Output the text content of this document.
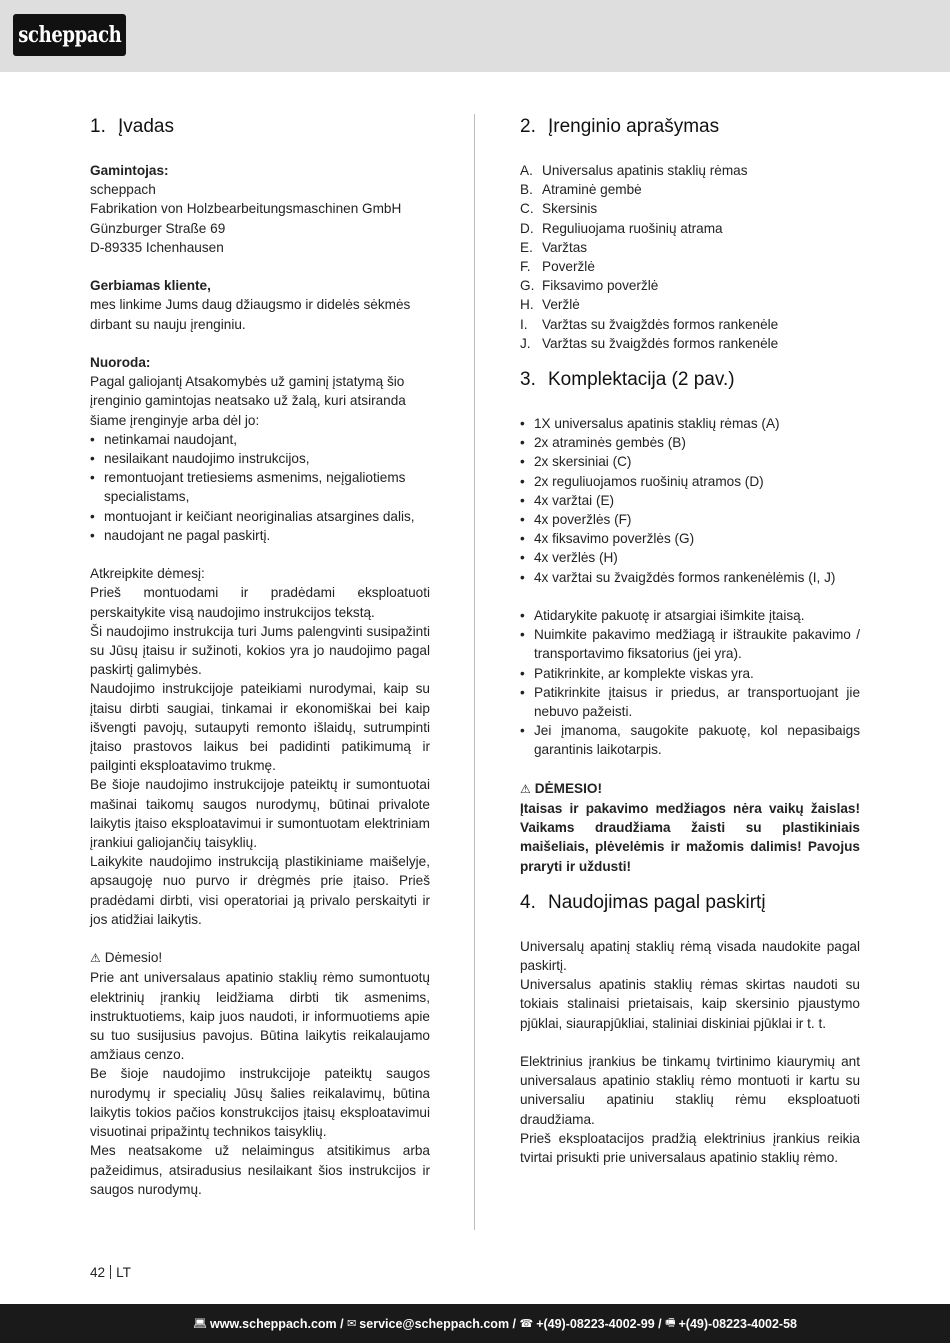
scheppach
1. Įvadas

Gamintojas:

scheppach

Fabrikation von Holzbearbeitungsmaschinen GmbH

Günzburger Straße 69

D-89335 Ichenhausen

Gerbiamas kliente,

mes linkime Jums daug džiaugsmo ir didelės sėkmės dirbant su nauju įrenginiu.

Nuoroda:

Pagal galiojantį Atsakomybės už gaminį įstatymą šio įrenginio gamintojas neatsako už žalą, kuri atsiranda šiame įrenginyje arba dėl jo:

• netinkamai naudojant,
• nesilaikant naudojimo instrukcijos,
• remontuojant tretiesiems asmenims, neįgaliotiems specialistams,
• montuojant ir keičiant neoriginalias atsargines dalis,
• naudojant ne pagal paskirtį.

Atkreipkite dėmesį:

Prieš montuodami ir pradėdami eksploatuoti perskaitykite visą naudojimo instrukcijos tekstą.

Ši naudojimo instrukcija turi Jums palengvinti susipažinti su Jūsų įtaisu ir sužinoti, kokios yra jo naudojimo pagal paskirtį galimybės.

Naudojimo instrukcijoje pateikiami nurodymai, kaip su įtaisu dirbti saugiai, tinkamai ir ekonomiškai bei kaip išvengti pavojų, sutaupyti remonto išlaidų, sutrumpinti įtaiso prastovos laikus bei padidinti patikimumą ir pailginti eksploatavimo trukmę.

Be šioje naudojimo instrukcijoje pateiktų ir sumontuotai mašinai taikomų saugos nurodymų, būtinai privalote laikytis įtaiso eksploatavimui ir sumontuotam elektriniam įrankiui galiojančių taisyklių.

Laikykite naudojimo instrukciją plastikiniame maišelyje, apsaugoję nuo purvo ir drėgmės prie įtaiso. Prieš pradėdami dirbti, visi operatoriai ją privalo perskaityti ir jos atidžiai laikytis.

⚠ Dėmesio!

Prie ant universalaus apatinio staklių rėmo sumontuotų elektrinių įrankių leidžiama dirbti tik asmenims, instruktuotiems, kaip juos naudoti, ir informuotiems apie su tuo susijusius pavojus. Būtina laikytis reikalaujamo amžiaus cenzo.

Be šioje naudojimo instrukcijoje pateiktų saugos nurodymų ir specialių Jūsų šalies reikalavimų, būtina laikytis tokios pačios konstrukcijos įtaisų eksploatavimui visuotinai pripažintų technikos taisyklių.

Mes neatsakome už nelaimingus atsitikimus arba pažeidimus, atsiradusius nesilaikant šios instrukcijos ir saugos nurodymų.

2. Įrenginio aprašymas
A. Universalus apatinis staklių rėmas
B. Atraminė gembė
C. Skersinis
D. Reguliuojama ruošinių atrama
E. Varžtas
F. Poveržlė
G. Fiksavimo poveržlė
H. Veržlė
I. Varžtas su žvaigždės formos rankenėle
J. Varžtas su žvaigždės formos rankenėle
3. Komplektacija (2 pav.)
• 1X universalus apatinis staklių rėmas (A)
• 2x atraminės gembės (B)
• 2x skersiniai (C)
• 2x reguliuojamos ruošinių atramos (D)
• 4x varžtai (E)
• 4x poveržlės (F)
• 4x fiksavimo poveržlės (G)
• 4x veržlės (H)
• 4x varžtai su žvaigždės formos rankenėlėmis (I, J)
• Atidarykite pakuotę ir atsargiai išimkite įtaisą.
• Nuimkite pakavimo medžiagą ir ištraukite pakavimo / transportavimo fiksatorius (jei yra).
• Patikrinkite, ar komplekte viskas yra.
• Patikrinkite įtaisus ir priedus, ar transportuojant jie nebuvo pažeisti.
• Jei įmanoma, saugokite pakuotę, kol nepasibaigs garantinis laikotarpis.

⚠ DĖMESIO!

Įtaisas ir pakavimo medžiagos nėra vaikų žaislas! Vaikams draudžiama žaisti su plastikiniais maišeliais, plėvelėmis ir mažomis dalimis! Pavojus praryti ir uždusti!

4. Naudojimas pagal paskirtį

Universalų apatinį staklių rėmą visada naudokite pagal paskirtį.

Universalus apatinis staklių rėmas skirtas naudoti su tokiais stalinaisi prietaisais, kaip skersinio pjaustymo pjūklai, siaurapjūkliai, staliniai diskiniai pjūklai ir t. t.

Elektrinius įrankius be tinkamų tvirtinimo kiaurymių ant universalaus apatinio staklių rėmo montuoti ir kartu su universaliu apatiniu staklių rėmu eksploatuoti draudžiama.

Prieš eksploatacijos pradžią elektrinius įrankius reikia tvirtai prisukti prie universalaus apatinio staklių rėmo.

42 LT
💻︎ www.scheppach.com / ✉ service@scheppach.com / ☎ +(49)-08223-4002-99 / 🖷︎ +(49)-08223-4002-58
